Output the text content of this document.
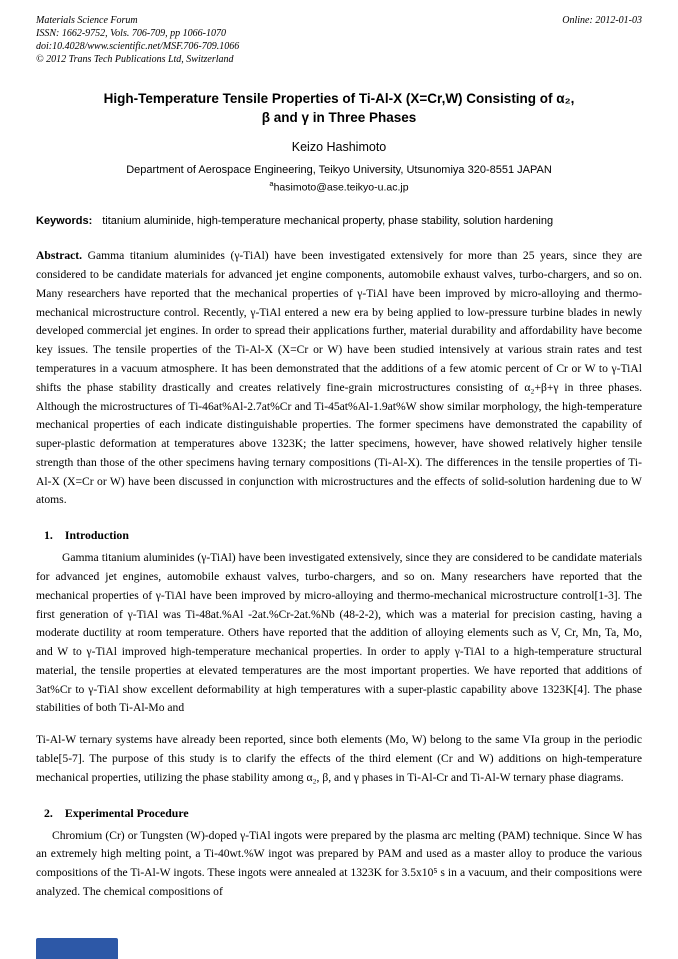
Materials Science Forum	Online: 2012-01-03
ISSN: 1662-9752, Vols. 706-709, pp 1066-1070
doi:10.4028/www.scientific.net/MSF.706-709.1066
© 2012 Trans Tech Publications Ltd, Switzerland
High-Temperature Tensile Properties of Ti-Al-X (X=Cr,W) Consisting of α₂,
β and γ in Three Phases
Keizo Hashimoto
Department of Aerospace Engineering, Teikyo University, Utsunomiya 320-8551 JAPAN
$^a$hasimoto@ase.teikyo-u.ac.jp
Keywords: titanium aluminide, high-temperature mechanical property, phase stability, solution hardening

Abstract. Gamma titanium aluminides (γ-TiAl) have been investigated extensively for more than 25 years, since they are considered to be candidate materials for advanced jet engine components, automobile exhaust valves, turbo-chargers, and so on. Many researchers have reported that the mechanical properties of γ-TiAl have been improved by micro-alloying and thermo-mechanical microstructure control. Recently, γ-TiAl entered a new era by being applied to low-pressure turbine blades in newly developed commercial jet engines. In order to spread their applications further, material durability and affordability have become key issues. The tensile properties of the Ti-Al-X (X=Cr or W) have been studied intensively at various strain rates and test temperatures in a vacuum atmosphere. It has been demonstrated that the additions of a few atomic percent of Cr or W to γ-TiAl shifts the phase stability drastically and creates relatively fine-grain microstructures consisting of α₂+β+γ in three phases. Although the microstructures of Ti-46at%Al-2.7at%Cr and Ti-45at%Al-1.9at%W show similar morphology, the high-temperature mechanical properties of each indicate distinguishable properties. The former specimens have demonstrated the capability of super-plastic deformation at temperatures above 1323K; the latter specimens, however, have showed relatively higher tensile strength than those of the other specimens having ternary compositions (Ti-Al-X). The differences in the tensile properties of Ti-Al-X (X=Cr or W) have been discussed in conjunction with microstructures and the effects of solid-solution hardening due to W atoms.

1. Introduction

Gamma titanium aluminides (γ-TiAl) have been investigated extensively, since they are considered to be candidate materials for advanced jet engines, automobile exhaust valves, turbo-chargers, and so on. Many researchers have reported that the mechanical properties of γ-TiAl have been improved by micro-alloying and thermo-mechanical microstructure control[1-3]. The first generation of γ-TiAl was Ti-48at.%Al -2at.%Cr-2at.%Nb (48-2-2), which was a material for precision casting, having a moderate ductility at room temperature. Others have reported that the addition of alloying elements such as V, Cr, Mn, Ta, Mo, and W to γ-TiAl improved high-temperature mechanical properties. In order to apply γ-TiAl to a high-temperature structural material, the tensile properties at elevated temperatures are the most important properties. We have reported that additions of 3at%Cr to γ-TiAl show excellent deformability at high temperatures with a super-plastic capability above 1323K[4]. The phase stabilities of both Ti-Al-Mo and

Ti-Al-W ternary systems have already been reported, since both elements (Mo, W) belong to the same VIa group in the periodic table[5-7]. The purpose of this study is to clarify the effects of the third element (Cr and W) additions on high-temperature mechanical properties, utilizing the phase stability among α₂, β, and γ phases in Ti-Al-Cr and Ti-Al-W ternary phase diagrams.

2. Experimental Procedure

Chromium (Cr) or Tungsten (W)-doped γ-TiAl ingots were prepared by the plasma arc melting (PAM) technique. Since W has an extremely high melting point, a Ti-40wt.%W ingot was prepared by PAM and used as a master alloy to produce the various compositions of the Ti-Al-W ingots. These ingots were annealed at 1323K for 3.5x10⁵ s in a vacuum, and their compositions were analyzed. The chemical compositions of
